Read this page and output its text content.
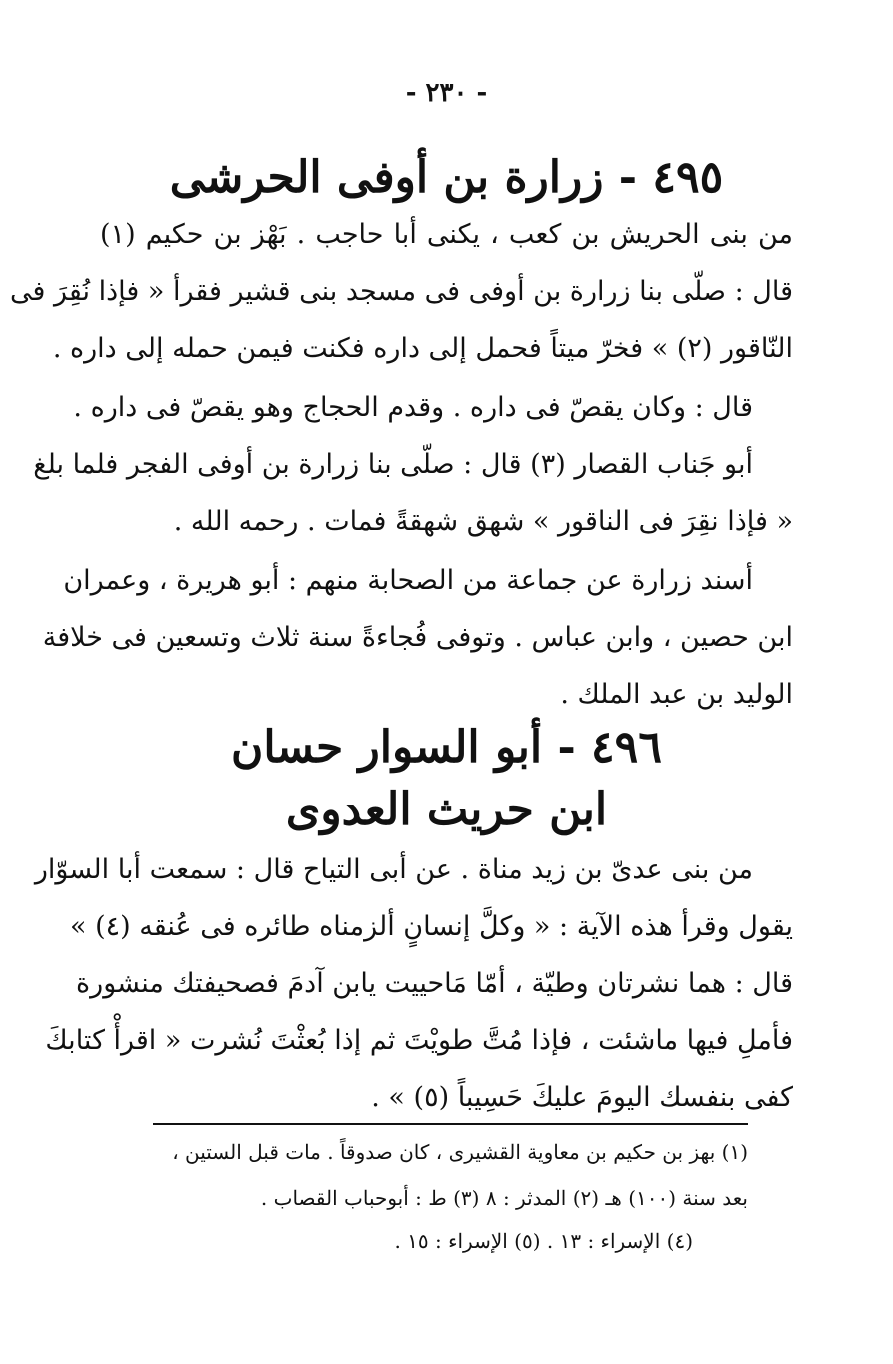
- ٢٣٠ -
٤٩٥ - زرارة بن أوفى الحرشى
من بنى الحريش بن كعب ، يكنى أبا حاجب . بَهْز بن حكيم (١)
قال : صلّى بنا زرارة بن أوفى فى مسجد بنى قشير فقرأ « فإذا نُقِرَ فى
النّاقور (٢) » فخرّ ميتاً فحمل إلى داره فكنت فيمن حمله إلى داره .
قال : وكان يقصّ فى داره . وقدم الحجاج وهو يقصّ فى داره .
أبو جَناب القصار (٣) قال : صلّى بنا زرارة بن أوفى الفجر فلما بلغ
« فإذا نقِرَ فى الناقور » شهق شهقةً فمات . رحمه الله .
أسند زرارة عن جماعة من الصحابة منهم : أبو هريرة ، وعمران
ابن حصين ، وابن عباس . وتوفى فُجاءةً سنة ثلاث وتسعين فى خلافة
الوليد بن عبد الملك .
٤٩٦ - أبو السوار حسان
ابن حريث العدوى
من بنى عدىّ بن زيد مناة . عن أبى التياح قال : سمعت أبا السوّار
يقول وقرأ هذه الآية : « وكلَّ إنسانٍ ألزمناه طائره فى عُنقه (٤) »
قال : هما نشرتان وطيّة ، أمّا مَاحييت يابن آدمَ فصحيفتك منشورة
فأملِ فيها ماشئت ، فإذا مُتَّ طويْتَ ثم إذا بُعثْتَ نُشرت « اقرأْ كتابكَ
كفى بنفسك اليومَ عليكَ حَسِيباً (٥) » .
(١) بهز بن حكيم بن معاوية القشيرى ، كان صدوقاً . مات قبل الستين ،
بعد سنة (١٠٠) هـ (٢) المدثر : ٨ (٣) ط : أبوحباب القصاب .
(٤) الإسراء : ١٣ . (٥) الإسراء : ١٥ .
